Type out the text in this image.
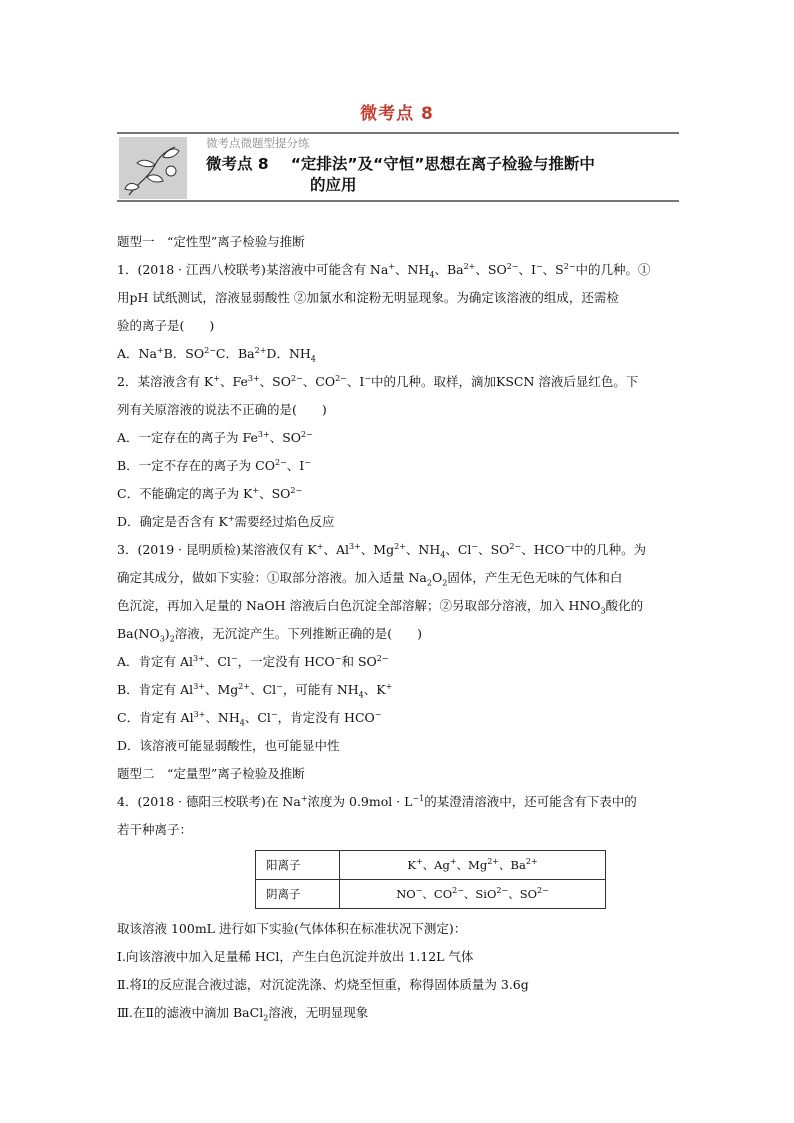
微考点 8
微考点微题型提分练
微考点 8 “定排法”及“守恒”思想在离子检验与推断中
的应用
题型一　“定性型”离子检验与推断
1．(2018 · 江西八校联考)某溶液中可能含有 Na+、$NH_4$、$Ba^{2+}$、$SO^{2-}$、I−、$S^{2-}$中的几种。①
用pH 试纸测试，溶液显弱酸性 ②加氯水和淀粉无明显现象。为确定该溶液的组成，还需检
验的离子是(　　)
A．Na+B．$SO^{2-}C$．$Ba^{2+}D$．$NH_4$
2．某溶液含有 K+、$Fe^{3+}$、$SO^{2-}$、$CO^{2-}$、I−中的几种。取样，滴加KSCN 溶液后显红色。下
列有关原溶液的说法不正确的是(　　)
A．一定存在的离子为 $Fe^{3+}$、$SO^{2-}$
B．一定不存在的离子为 $CO^{2-}$、I−
C．不能确定的离子为 K+、$SO^{2-}$
D．确定是否含有 K+需要经过焰色反应
3．(2019 · 昆明质检)某溶液仅有 K+、$Al^{3+}$、$Mg^{2+}$、$NH_4$、Cl−、$SO^{2-}$、HCO−中的几种。为
确定其成分，做如下实验：①取部分溶液。加入适量 $Na_2O_2$固体，产生无色无味的气体和白
色沉淀，再加入足量的 NaOH 溶液后白色沉淀全部溶解；②另取部分溶液，加入 $HNO_3$酸化的
$Ba(NO_3)_2$溶液，无沉淀产生。下列推断正确的是(　　)
A．肯定有 $Al^{3+}$、Cl−，一定没有 HCO−和 $SO^{2-}$
B．肯定有 $Al^{3+}$、$Mg^{2+}$、Cl−，可能有 $NH_4$、K+
C．肯定有 $Al^{3+}$、$NH_4$、Cl−，肯定没有 HCO−
D．该溶液可能显弱酸性，也可能显中性
题型二　“定量型”离子检验及推断
4．(2018 · 德阳三校联考)在 Na+浓度为 $0.9mol \cdot L^{-1}$的某澄清溶液中，还可能含有下表中的
若干种离子：
阳离子	K+、Ag+、$Mg^{2+}$、$Ba^{2+}$
阴离子	NO−、$CO^{2-}$、SiO$^{2-}$、$SO^{2-}$
取该溶液 100mL 进行如下实验(气体体积在标准状况下测定)：
Ⅰ.向该溶液中加入足量稀 HCl，产生白色沉淀并放出 1.12L 气体
Ⅱ.将Ⅰ的反应混合液过滤，对沉淀洗涤、灼烧至恒重，称得固体质量为 3.6g
Ⅲ.在Ⅱ的滤液中滴加 BaCl$_2$溶液，无明显现象
